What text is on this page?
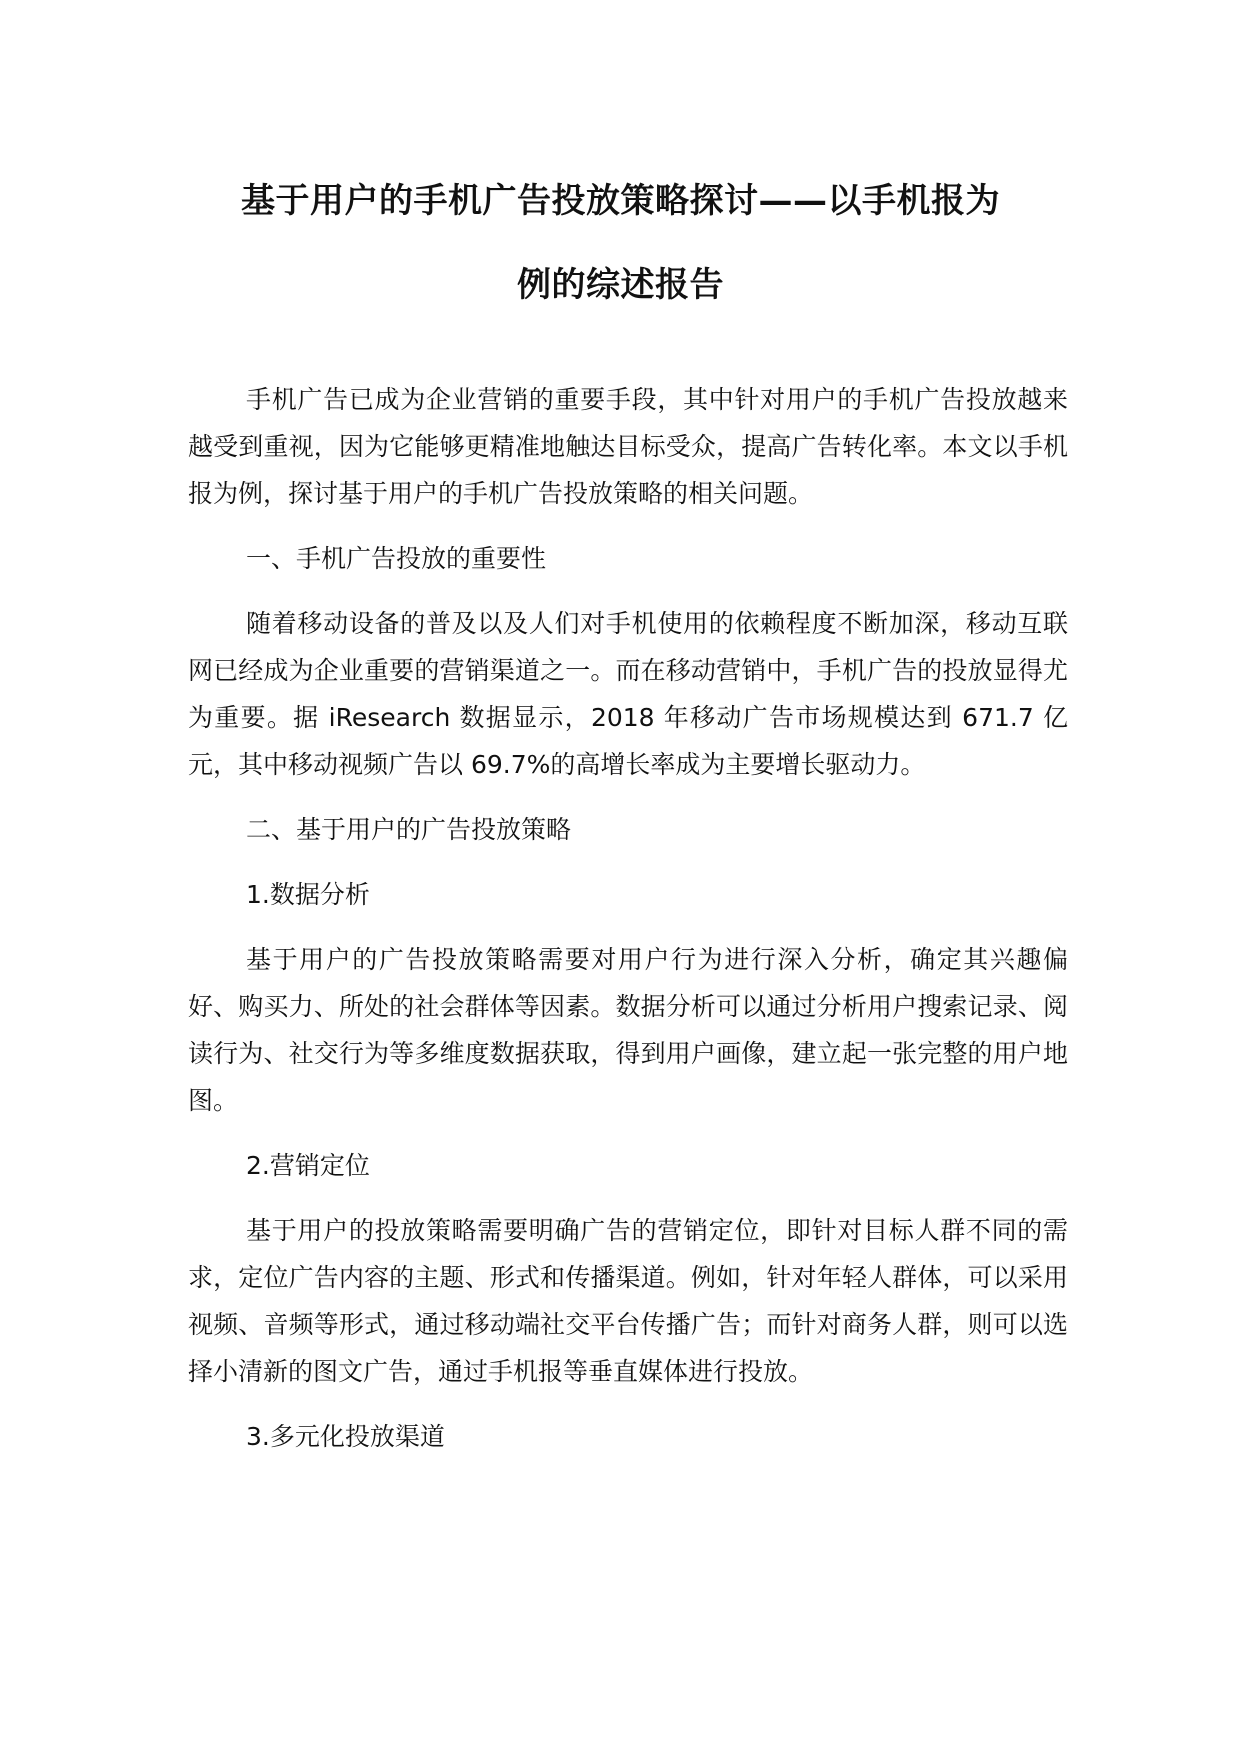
基于用户的手机广告投放策略探讨——以手机报为
例的综述报告

手机广告已成为企业营销的重要手段，其中针对用户的手机广告投放越来越受到重视，因为它能够更精准地触达目标受众，提高广告转化率。本文以手机报为例，探讨基于用户的手机广告投放策略的相关问题。

一、手机广告投放的重要性

随着移动设备的普及以及人们对手机使用的依赖程度不断加深，移动互联网已经成为企业重要的营销渠道之一。而在移动营销中，手机广告的投放显得尤为重要。据 iResearch 数据显示，2018 年移动广告市场规模达到 671.7 亿元，其中移动视频广告以 69.7%的高增长率成为主要增长驱动力。

二、基于用户的广告投放策略

1.数据分析

基于用户的广告投放策略需要对用户行为进行深入分析，确定其兴趣偏好、购买力、所处的社会群体等因素。数据分析可以通过分析用户搜索记录、阅读行为、社交行为等多维度数据获取，得到用户画像，建立起一张完整的用户地图。

2.营销定位

基于用户的投放策略需要明确广告的营销定位，即针对目标人群不同的需求，定位广告内容的主题、形式和传播渠道。例如，针对年轻人群体，可以采用视频、音频等形式，通过移动端社交平台传播广告；而针对商务人群，则可以选择小清新的图文广告，通过手机报等垂直媒体进行投放。

3.多元化投放渠道
